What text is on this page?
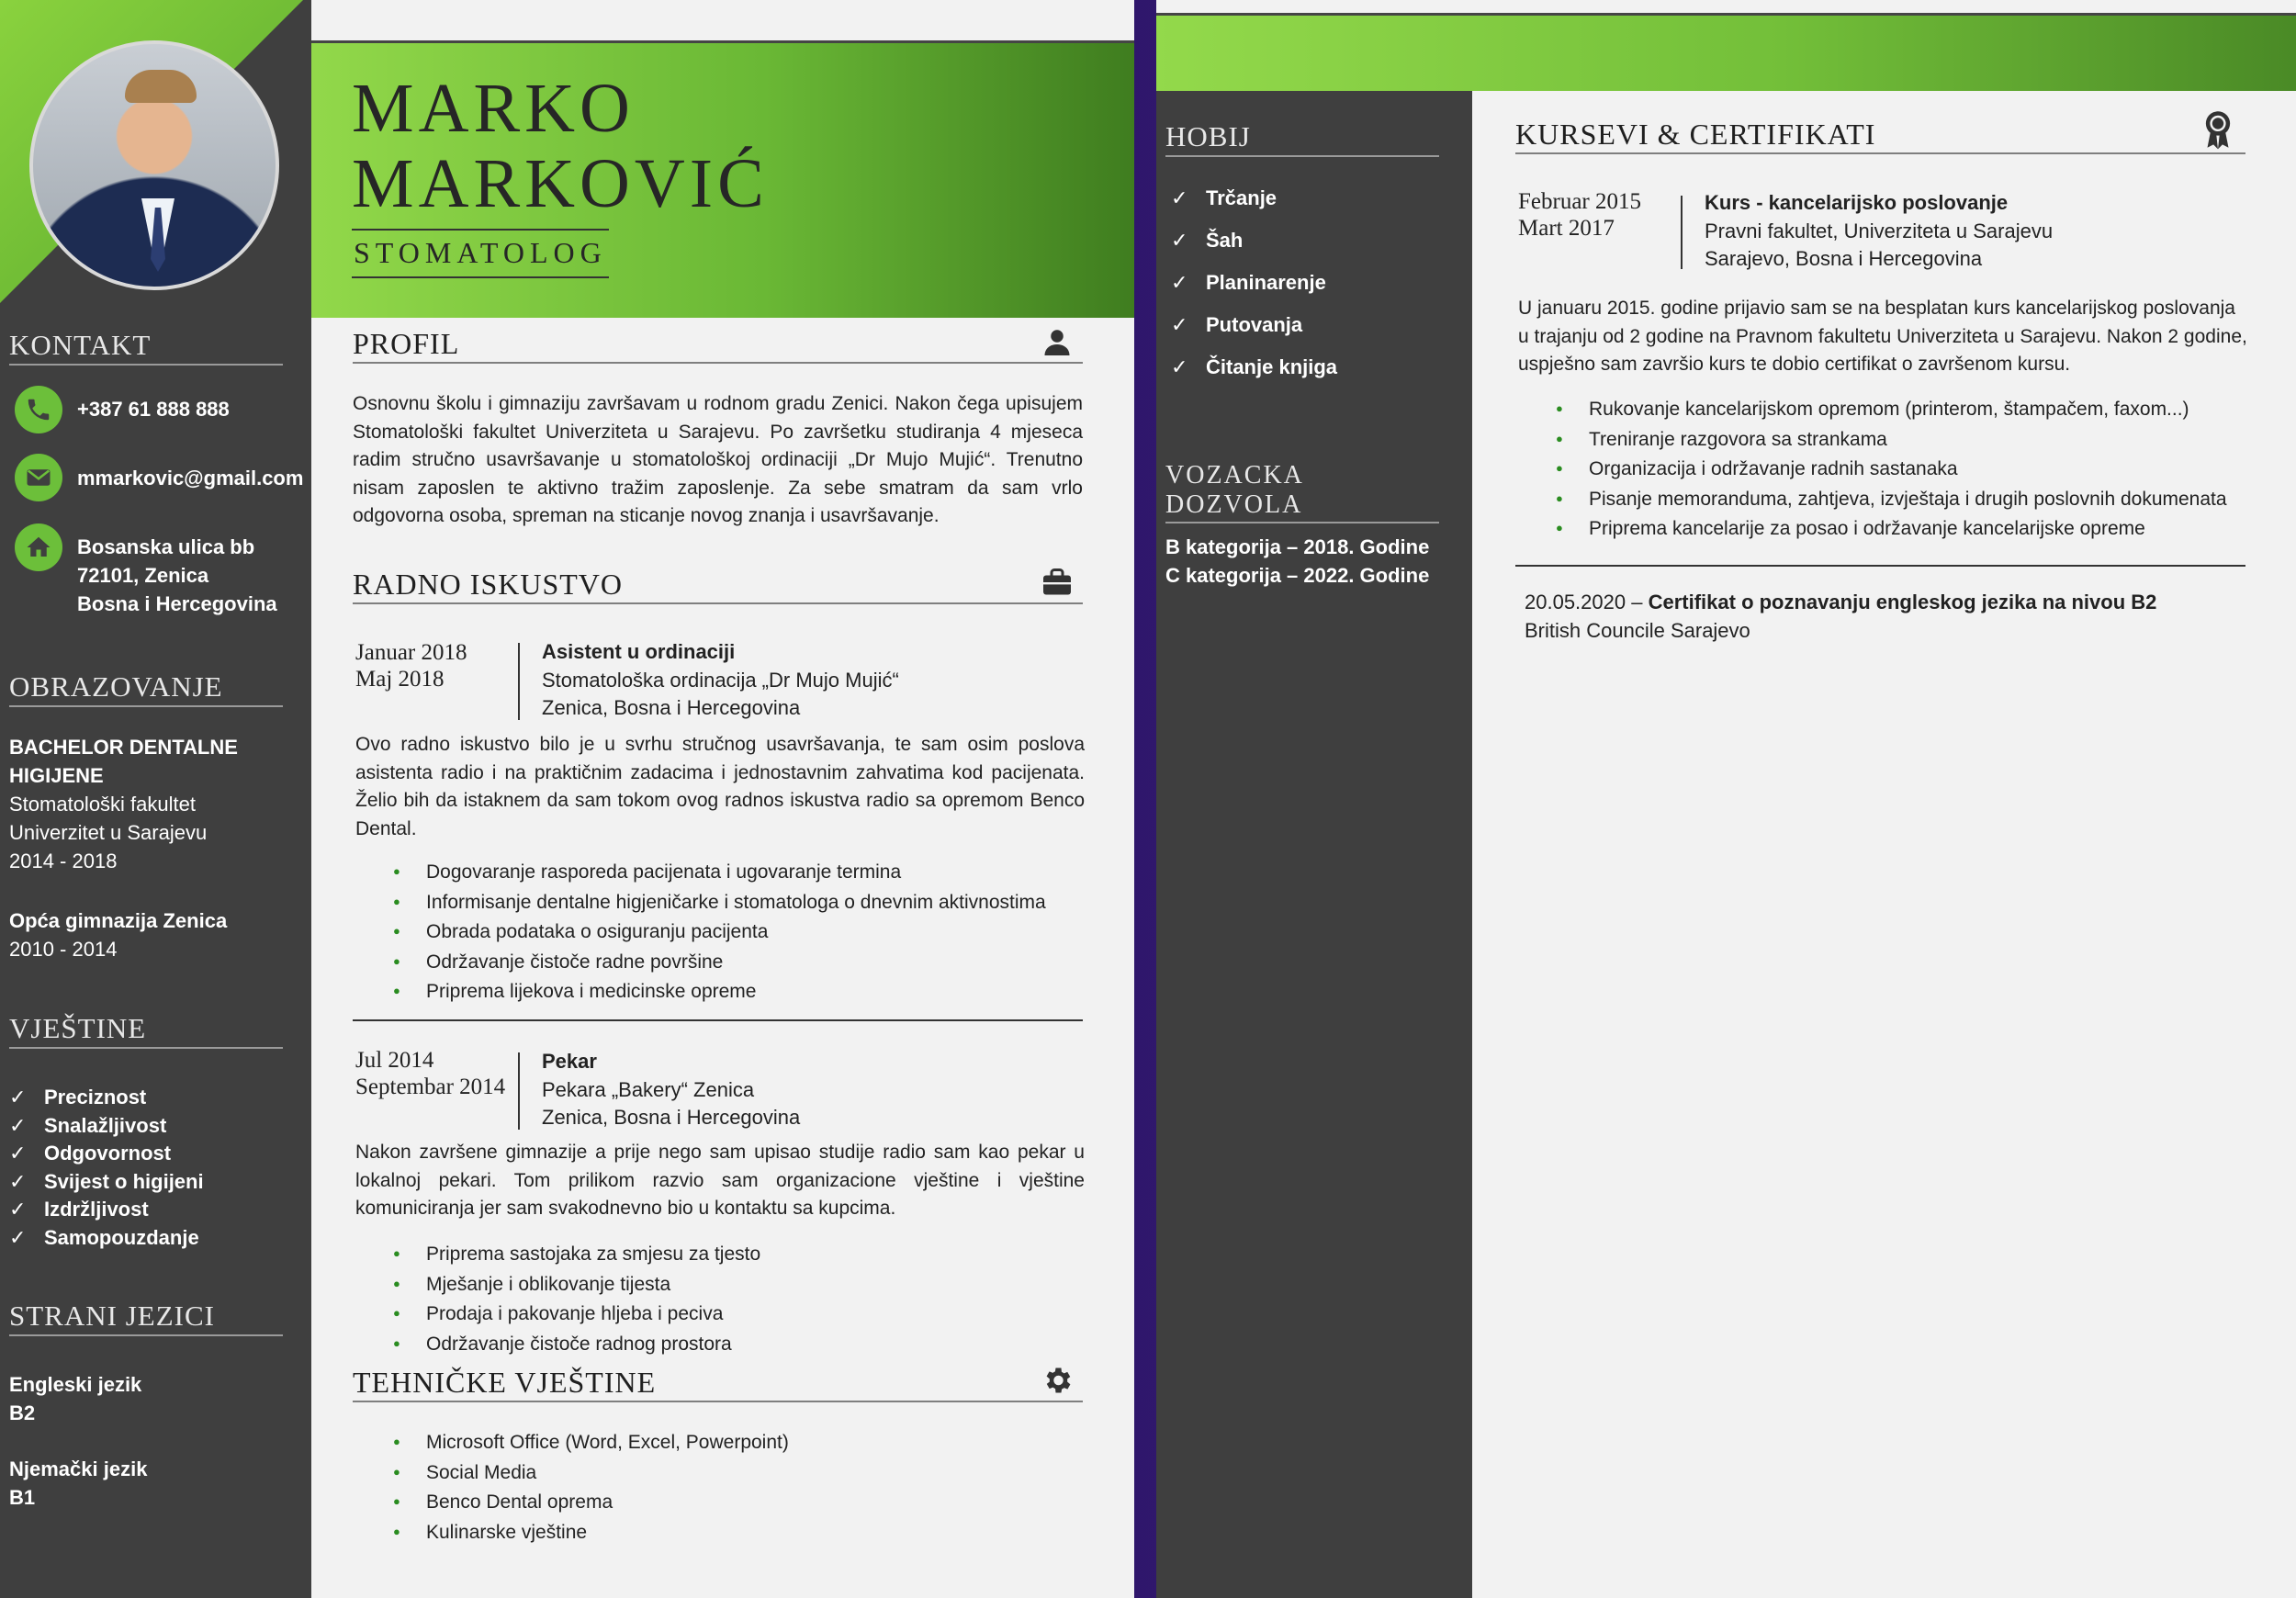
KONTAKT
+387 61 888 888
mmarkovic@gmail.com
Bosanska ulica bb
72101, Zenica
Bosna i Hercegovina
OBRAZOVANJE
BACHELOR DENTALNE
HIGIJENE
Stomatološki fakultet
Univerzitet u Sarajevu
2014 - 2018
Opća gimnazija Zenica
2010 - 2014
VJEŠTINE
✓ Preciznost
✓ Snalažljivost
✓ Odgovornost
✓ Svijest o higijeni
✓ Izdržljivost
✓ Samopouzdanje
STRANI JEZICI
Engleski jezik
B2
Njemački jezik
B1
MARKO
MARKOVIĆ
STOMATOLOG
PROFIL
Osnovnu školu i gimnaziju završavam u rodnom gradu Zenici. Nakon čega upisujem Stomatološki fakultet Univerziteta u Sarajevu. Po završetku studiranja 4 mjeseca radim stručno usavršavanje u stomatološkoj ordinaciji „Dr Mujo Mujić“. Trenutno nisam zaposlen te aktivno tražim zaposlenje. Za sebe smatram da sam vrlo odgovorna osoba, spreman na sticanje novog znanja i usavršavanje.
RADNO ISKUSTVO
Januar 2018
Maj 2018
Asistent u ordinaciji
Stomatološka ordinacija „Dr Mujo Mujić“
Zenica, Bosna i Hercegovina
Ovo radno iskustvo bilo je u svrhu stručnog usavršavanja, te sam osim poslova asistenta radio i na praktičnim zadacima i jednostavnim zahvatima kod pacijenata. Želio bih da istaknem da sam tokom ovog radnos iskustva radio sa opremom Benco Dental.
● Dogovaranje rasporeda pacijenata i ugovaranje termina
● Informisanje dentalne higjeničarke i stomatologa o dnevnim aktivnostima
● Obrada podataka o osiguranju pacijenta
● Održavanje čistoče radne površine
● Priprema lijekova i medicinske opreme
Jul 2014
Septembar 2014
Pekar
Pekara „Bakery“ Zenica
Zenica, Bosna i Hercegovina
Nakon završene gimnazije a prije nego sam upisao studije radio sam kao pekar u lokalnoj pekari. Tom prilikom razvio sam organizacione vještine i vještine komuniciranja jer sam svakodnevno bio u kontaktu sa kupcima.
● Priprema sastojaka za smjesu za tjesto
● Mješanje i oblikovanje tijesta
● Prodaja i pakovanje hljeba i peciva
● Održavanje čistoče radnog prostora
TEHNIČKE VJEŠTINE
● Microsoft Office (Word, Excel, Powerpoint)
● Social Media
● Benco Dental oprema
● Kulinarske vještine
HOBIJ
✓ Trčanje
✓ Šah
✓ Planinarenje
✓ Putovanja
✓ Čitanje knjiga
VOZACKA DOZVOLA
B kategorija – 2018. Godine
C kategorija – 2022. Godine
KURSEVI & CERTIFIKATI
Februar 2015
Mart 2017
Kurs - kancelarijsko poslovanje
Pravni fakultet, Univerziteta u Sarajevu
Sarajevo, Bosna i Hercegovina
U januaru 2015. godine prijavio sam se na besplatan kurs kancelarijskog poslovanja u trajanju od 2 godine na Pravnom fakultetu Univerziteta u Sarajevu. Nakon 2 godine, uspješno sam završio kurs te dobio certifikat o završenom kursu.
● Rukovanje kancelarijskom opremom (printerom, štampačem, faxom...)
● Treniranje razgovora sa strankama
● Organizacija i održavanje radnih sastanaka
● Pisanje memoranduma, zahtjeva, izvještaja i drugih poslovnih dokumenata
● Priprema kancelarije za posao i održavanje kancelarijske opreme
20.05.2020 – Certifikat o poznavanju engleskog jezika na nivou B2
British Councile Sarajevo
